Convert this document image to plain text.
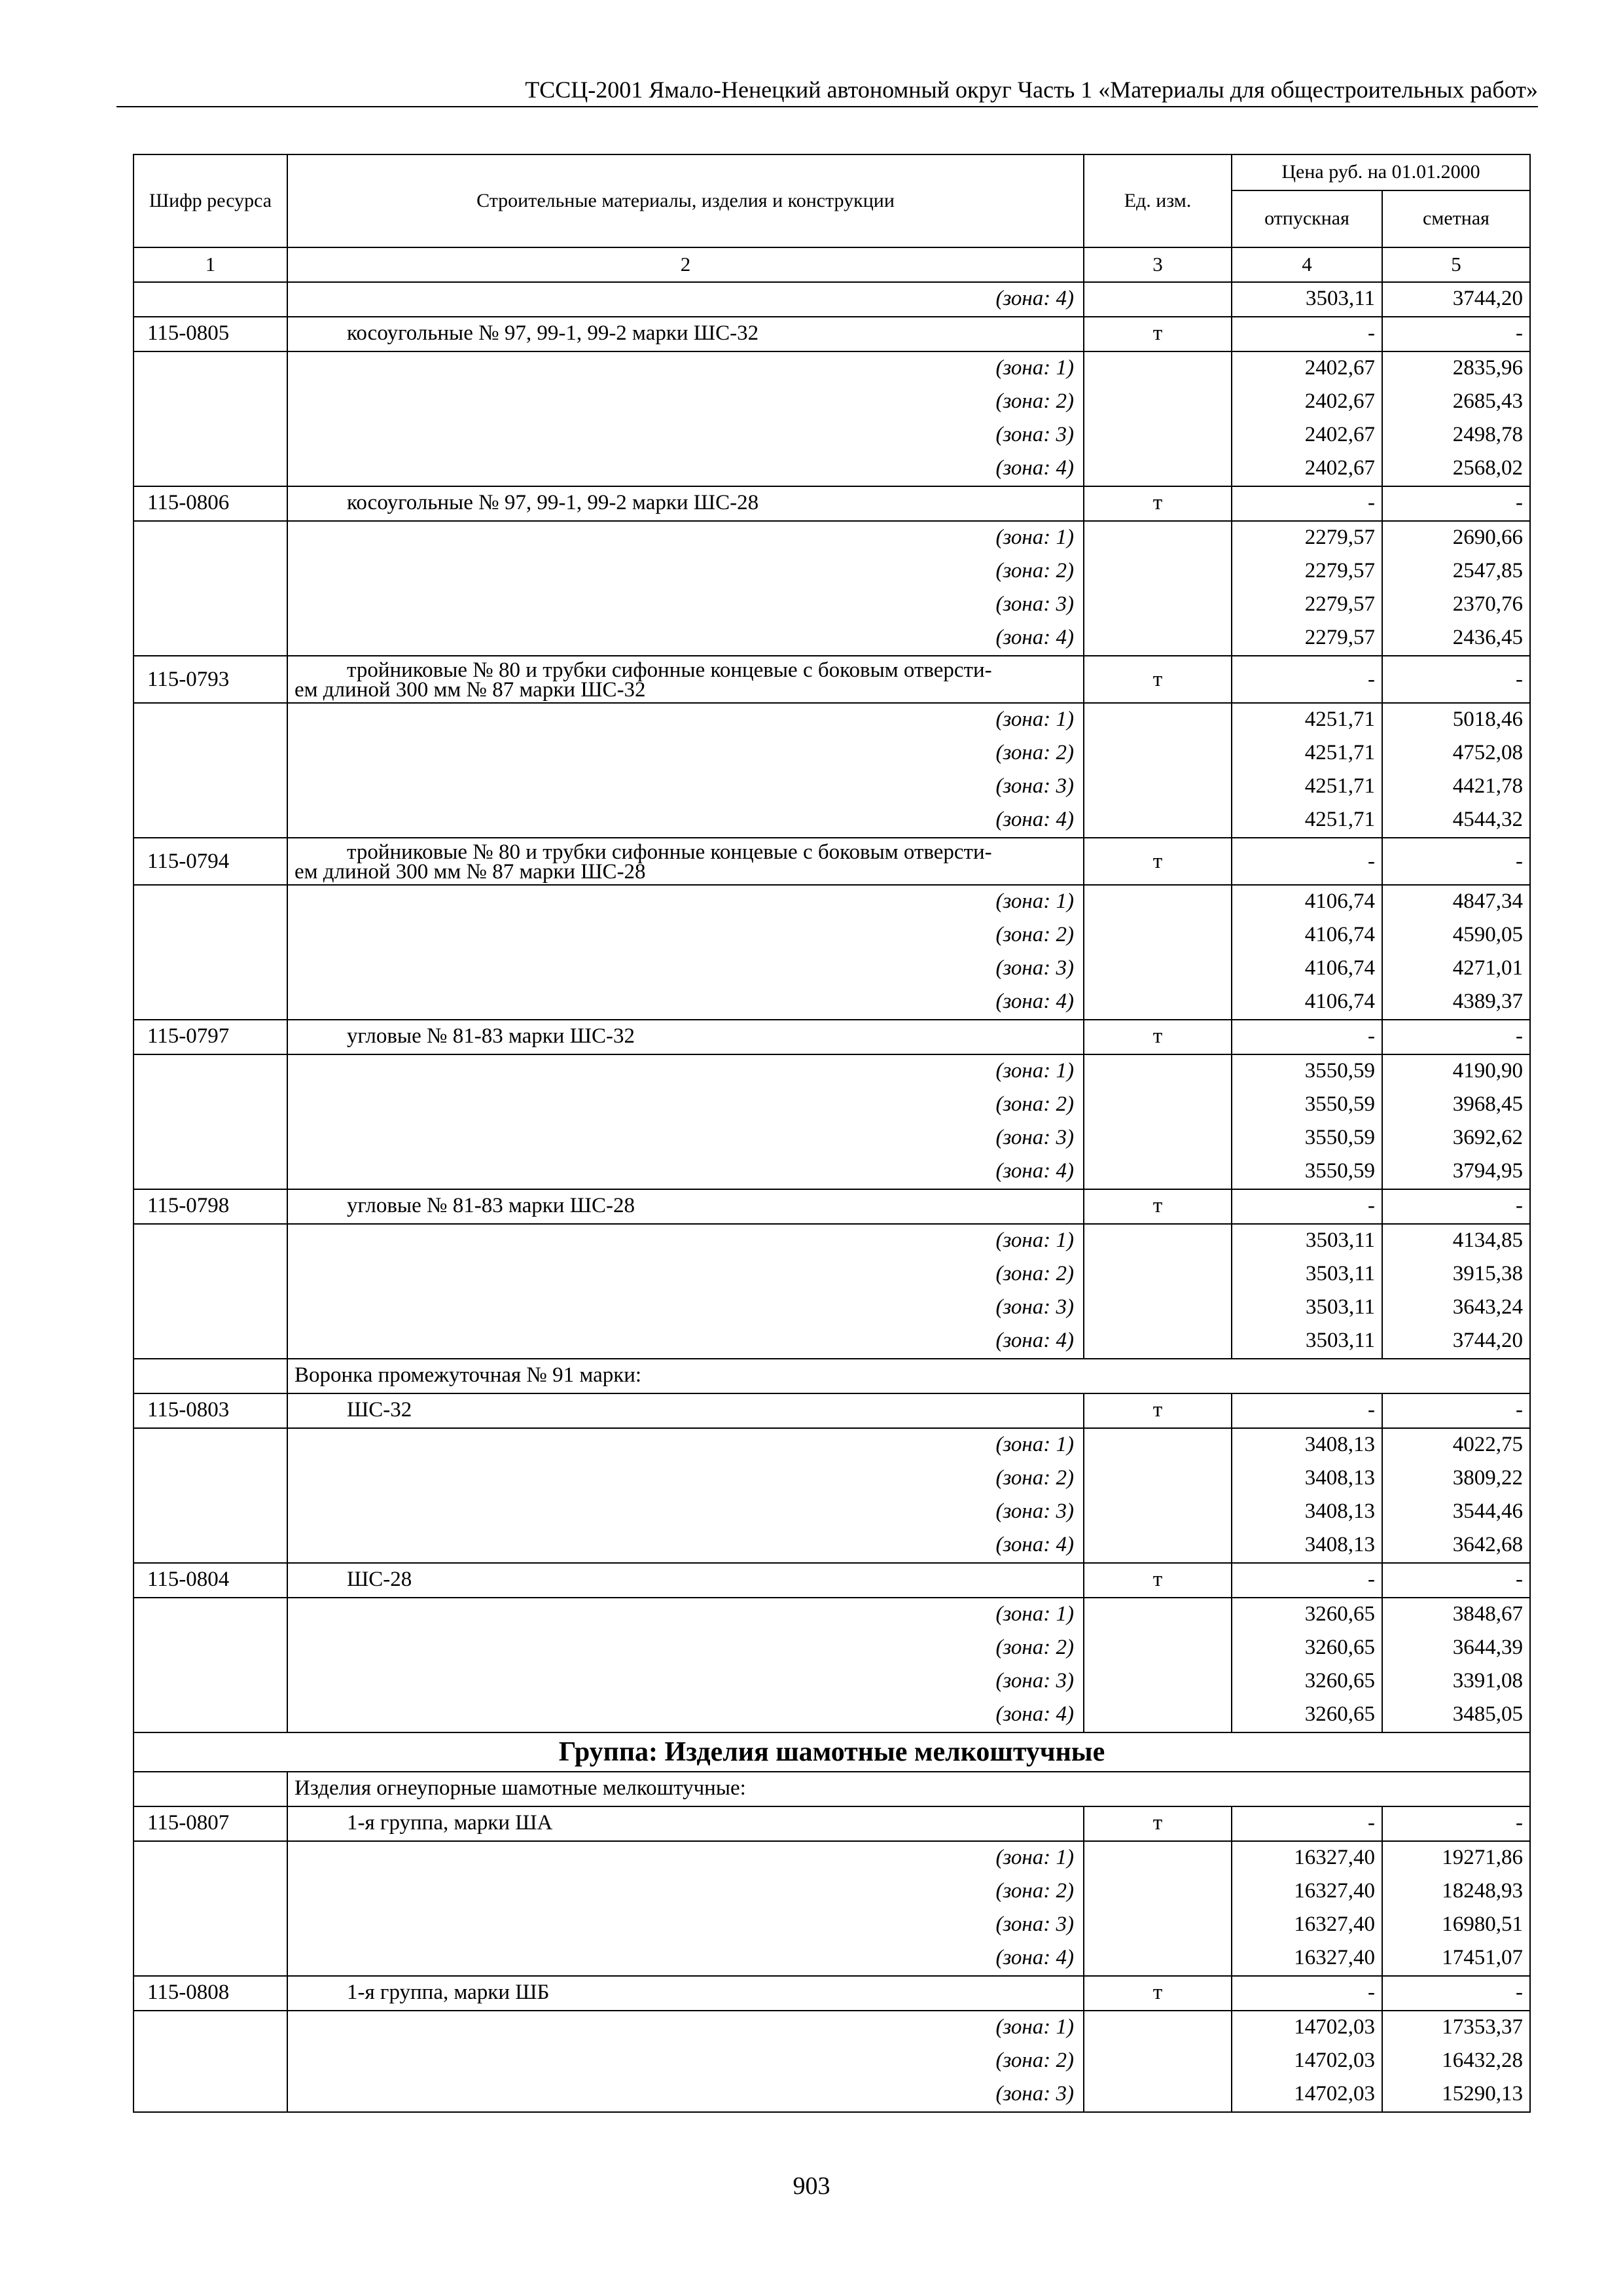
ТССЦ-2001 Ямало-Ненецкий автономный округ Часть 1 «Материалы для общестроительных работ»
Шифр ресурса	Строительные материалы, изделия и конструкции	Ед. изм.	Цена руб. на 01.01.2000	
			отпускная	сметная
1	2	3	4	5
	(зона: 4)		3503,11	3744,20
115-0805	косоугольные № 97, 99-1, 99-2 марки ШС-32	т	-	-
	(зона: 1)		2402,67	2835,96
	(зона: 2)		2402,67	2685,43
	(зона: 3)		2402,67	2498,78
	(зона: 4)		2402,67	2568,02
115-0806	косоугольные № 97, 99-1, 99-2 марки ШС-28	т	-	-
	(зона: 1)		2279,57	2690,66
	(зона: 2)		2279,57	2547,85
	(зона: 3)		2279,57	2370,76
	(зона: 4)		2279,57	2436,45
115-0793	тройниковые № 80 и трубки сифонные концевые с боковым отверсти-
ем длиной 300 мм № 87 марки ШС-32	т	-	-
	(зона: 1)		4251,71	5018,46
	(зона: 2)		4251,71	4752,08
	(зона: 3)		4251,71	4421,78
	(зона: 4)		4251,71	4544,32
115-0794	тройниковые № 80 и трубки сифонные концевые с боковым отверсти-
ем длиной 300 мм № 87 марки ШС-28	т	-	-
	(зона: 1)		4106,74	4847,34
	(зона: 2)		4106,74	4590,05
	(зона: 3)		4106,74	4271,01
	(зона: 4)		4106,74	4389,37
115-0797	угловые № 81-83 марки ШС-32	т	-	-
	(зона: 1)		3550,59	4190,90
	(зона: 2)		3550,59	3968,45
	(зона: 3)		3550,59	3692,62
	(зона: 4)		3550,59	3794,95
115-0798	угловые № 81-83 марки ШС-28	т	-	-
	(зона: 1)		3503,11	4134,85
	(зона: 2)		3503,11	3915,38
	(зона: 3)		3503,11	3643,24
	(зона: 4)		3503,11	3744,20
	Воронка промежуточная № 91 марки:			
115-0803	ШС-32	т	-	-
	(зона: 1)		3408,13	4022,75
	(зона: 2)		3408,13	3809,22
	(зона: 3)		3408,13	3544,46
	(зона: 4)		3408,13	3642,68
115-0804	ШС-28	т	-	-
	(зона: 1)		3260,65	3848,67
	(зона: 2)		3260,65	3644,39
	(зона: 3)		3260,65	3391,08
	(зона: 4)		3260,65	3485,05
Группа: Изделия шамотные мелкоштучные				
	Изделия огнеупорные шамотные мелкоштучные:			
115-0807	1-я группа, марки ША	т	-	-
	(зона: 1)		16327,40	19271,86
	(зона: 2)		16327,40	18248,93
	(зона: 3)		16327,40	16980,51
	(зона: 4)		16327,40	17451,07
115-0808	1-я группа, марки ШБ	т	-	-
	(зона: 1)		14702,03	17353,37
	(зона: 2)		14702,03	16432,28
	(зона: 3)		14702,03	15290,13
903
